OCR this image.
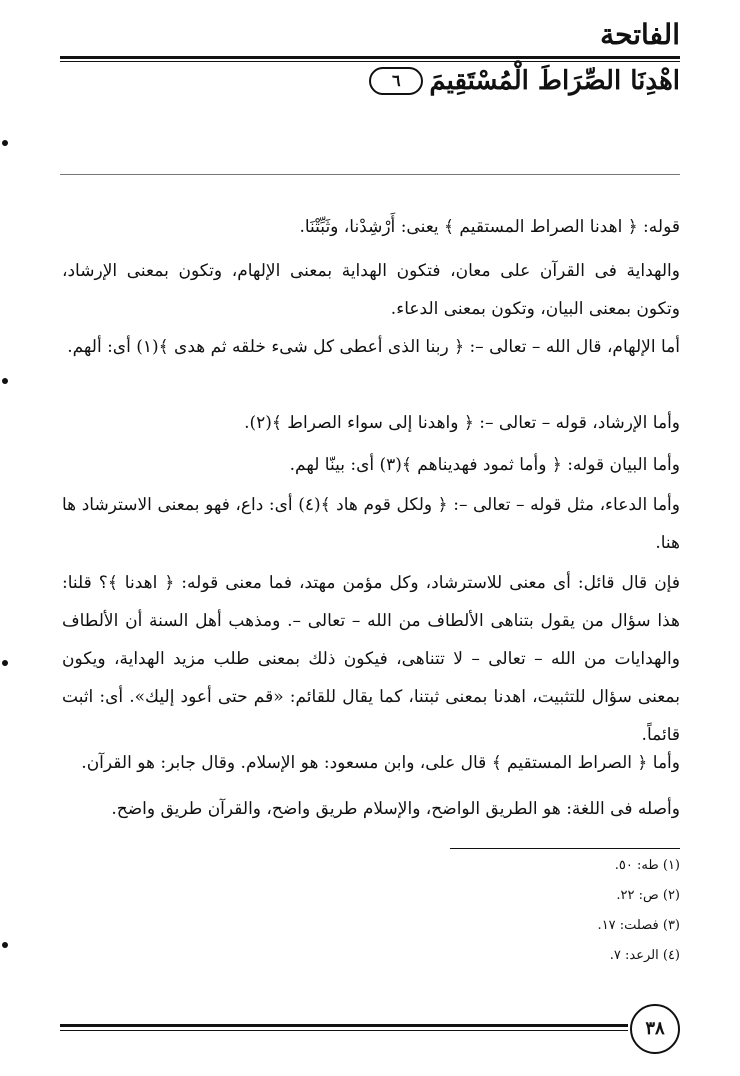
الفاتحة
اهْدِنَا الصِّرَاطَ الْمُسْتَقِيمَ
٦

قوله: ﴿ اهدنا الصراط المستقيم ﴾ يعنى: أَرْشِدْنا، وثَبِّتْنَا.

والهداية فى القرآن على معان، فتكون الهداية بمعنى الإلهام، وتكون بمعنى الإرشاد، وتكون بمعنى البيان، وتكون بمعنى الدعاء.

أما الإلهام، قال الله – تعالى –: ﴿ ربنا الذى أعطى كل شىء خلقه ثم هدى ﴾(١) أى: ألهم.

وأما الإرشاد، قوله – تعالى –: ﴿ واهدنا إلى سواء الصراط ﴾(٢).

وأما البيان قوله: ﴿ وأما ثمود فهديناهم ﴾(٣) أى: بينّا لهم.

وأما الدعاء، مثل قوله – تعالى –: ﴿ ولكل قوم هاد ﴾(٤) أى: داع، فهو بمعنى الاسترشاد ها هنا.

فإن قال قائل: أى معنى للاسترشاد، وكل مؤمن مهتد، فما معنى قوله: ﴿ اهدنا ﴾؟ قلنا: هذا سؤال من يقول بتناهى الألطاف من الله – تعالى –. ومذهب أهل السنة أن الألطاف والهدايات من الله – تعالى – لا تتناهى، فيكون ذلك بمعنى طلب مزيد الهداية، ويكون بمعنى سؤال للتثبيت، اهدنا بمعنى ثبتنا، كما يقال للقائم: «قم حتى أعود إليك». أى: اثبت قائماً.

وأما ﴿ الصراط المستقيم ﴾ قال على، وابن مسعود: هو الإسلام. وقال جابر: هو القرآن.

وأصله فى اللغة: هو الطريق الواضح، والإسلام طريق واضح، والقرآن طريق واضح.

(١) طه: ٥٠.
(٢) ص: ٢٢.
(٣) فصلت: ١٧.
(٤) الرعد: ٧.
٣٨
